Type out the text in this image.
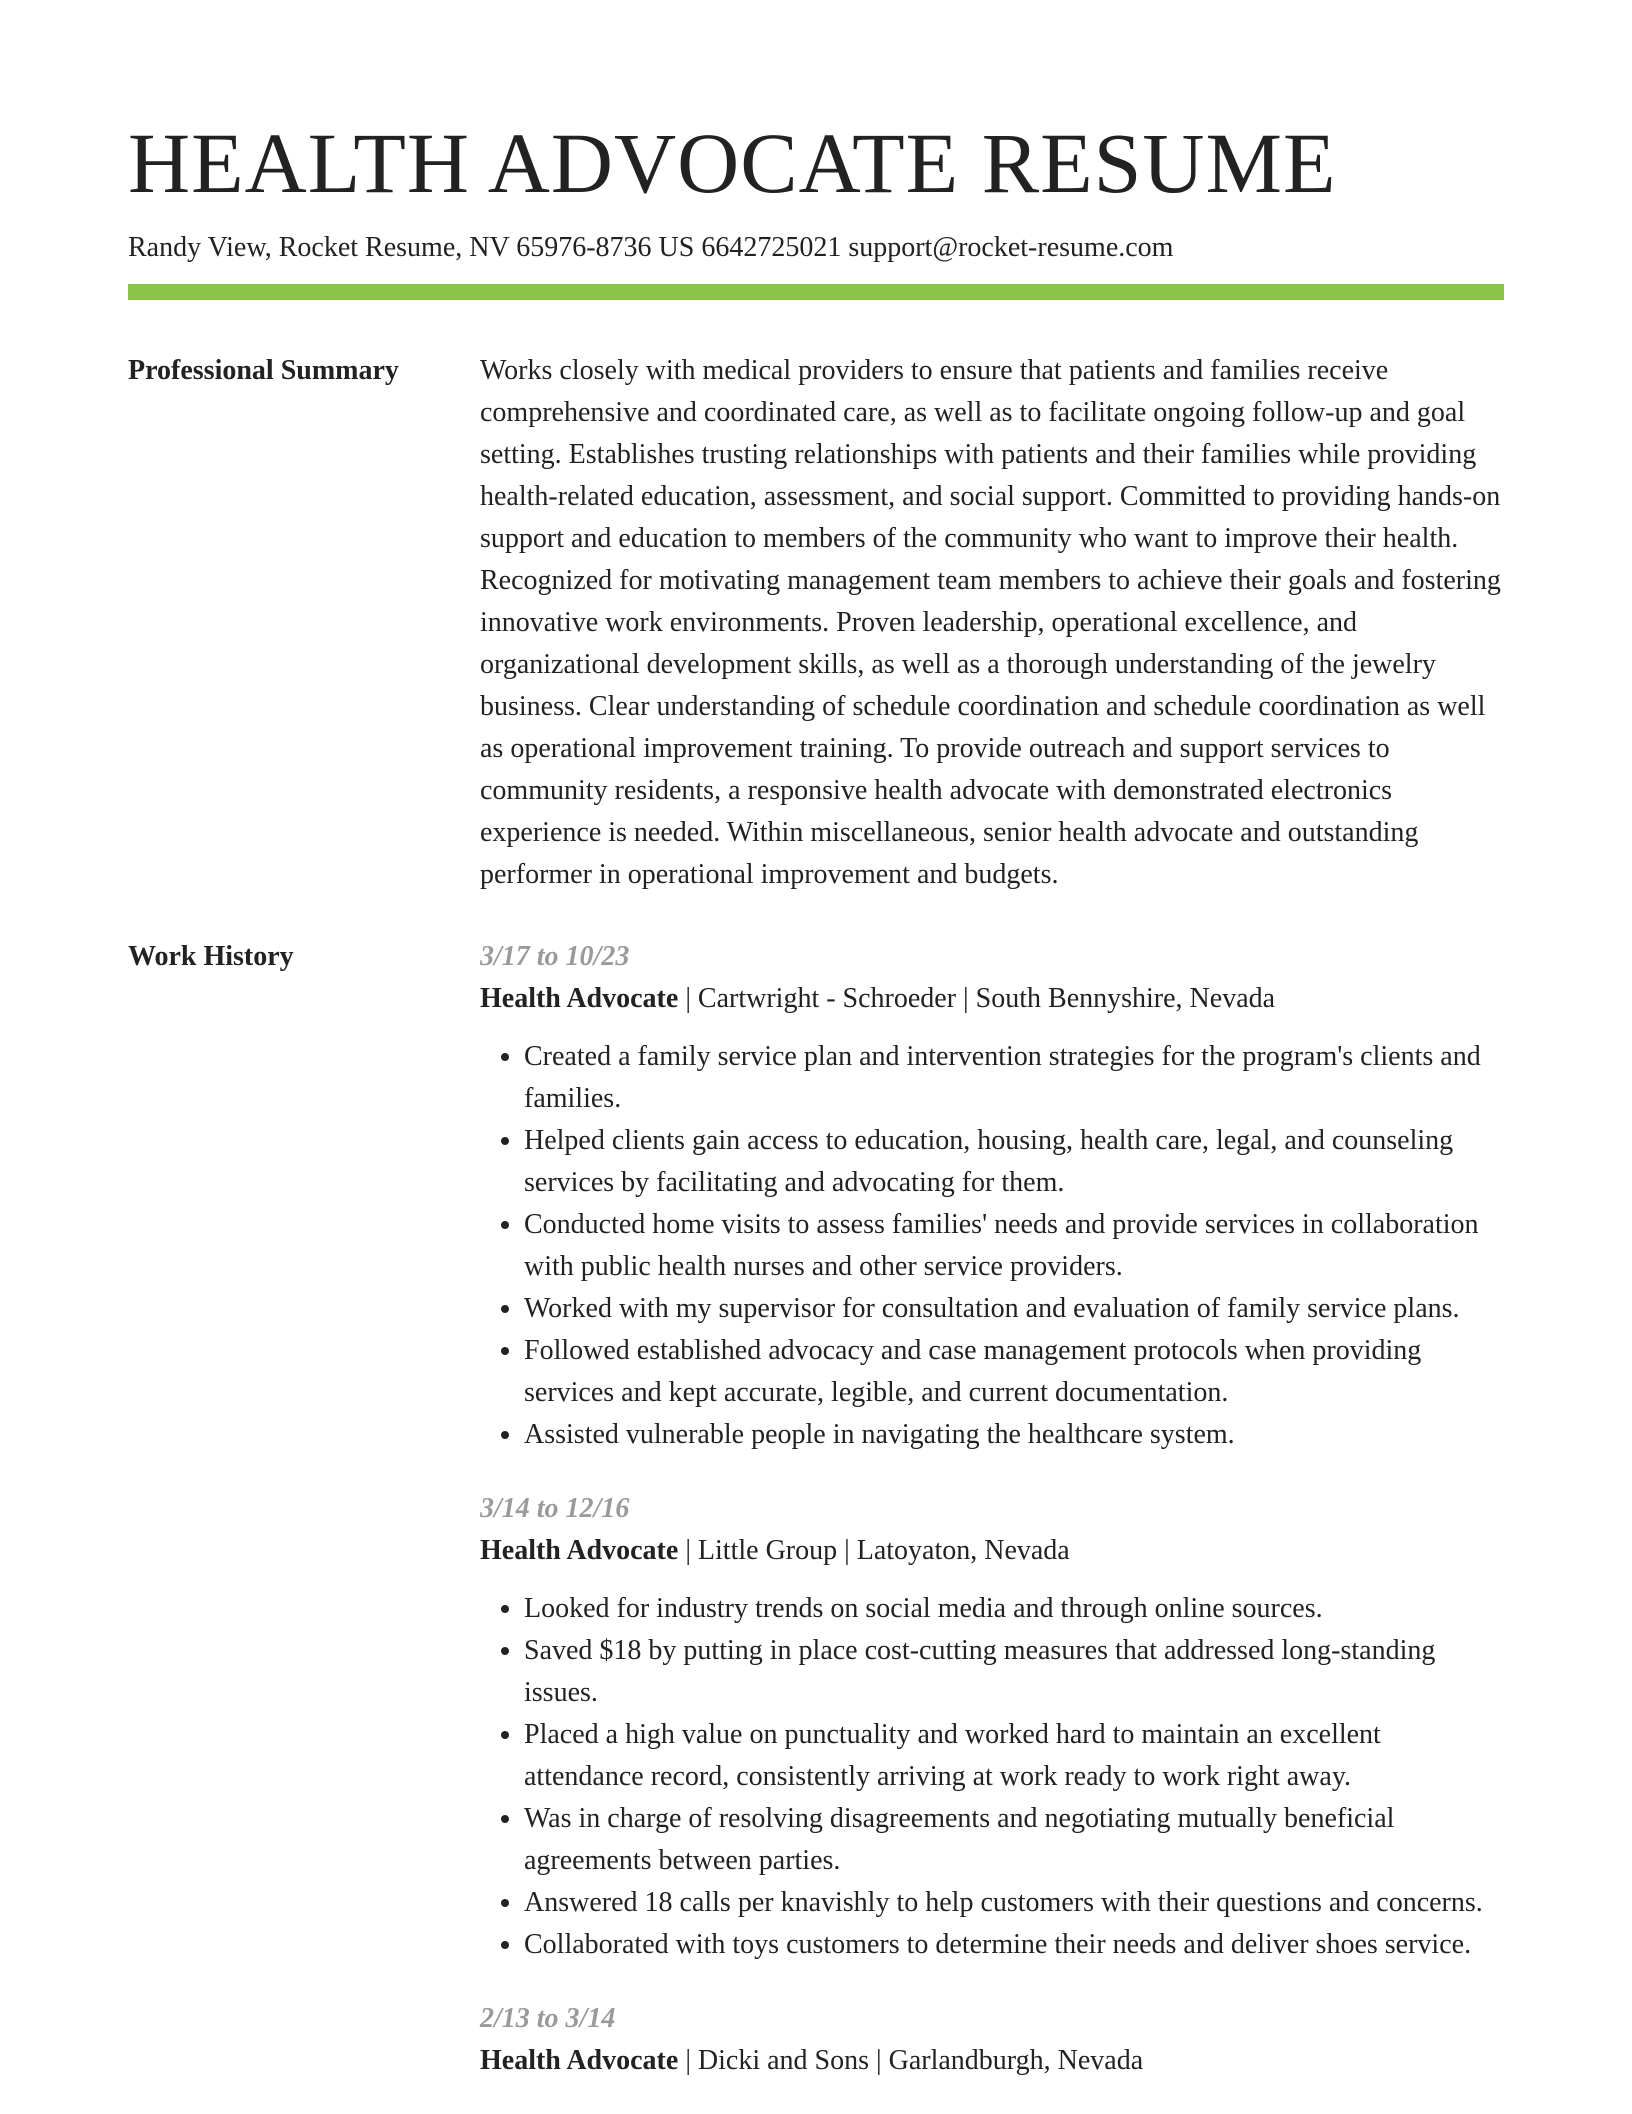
HEALTH ADVOCATE RESUME
Randy View, Rocket Resume, NV 65976-8736 US 6642725021 support@rocket-resume.com
Professional Summary	Works closely with medical providers to ensure that patients and families receive comprehensive and coordinated care, as well as to facilitate ongoing follow-up and goal setting. Establishes trusting relationships with patients and their families while providing health-related education, assessment, and social support. Committed to providing hands-on support and education to members of the community who want to improve their health. Recognized for motivating management team members to achieve their goals and fostering innovative work environments. Proven leadership, operational excellence, and organizational development skills, as well as a thorough understanding of the jewelry business. Clear understanding of schedule coordination and schedule coordination as well as operational improvement training. To provide outreach and support services to community residents, a responsive health advocate with demonstrated electronics experience is needed. Within miscellaneous, senior health advocate and outstanding performer in operational improvement and budgets.

Work History	3/17 to 10/23

Health Advocate | Cartwright - Schroeder | South Bennyshire, Nevada

• Created a family service plan and intervention strategies for the program's clients and families.
• Helped clients gain access to education, housing, health care, legal, and counseling services by facilitating and advocating for them.
• Conducted home visits to assess families' needs and provide services in collaboration with public health nurses and other service providers.
• Worked with my supervisor for consultation and evaluation of family service plans.
• Followed established advocacy and case management protocols when providing services and kept accurate, legible, and current documentation.
• Assisted vulnerable people in navigating the healthcare system.
3/14 to 12/16

Health Advocate | Little Group | Latoyaton, Nevada

• Looked for industry trends on social media and through online sources.
• Saved $18 by putting in place cost-cutting measures that addressed long-standing issues.
• Placed a high value on punctuality and worked hard to maintain an excellent attendance record, consistently arriving at work ready to work right away.
• Was in charge of resolving disagreements and negotiating mutually beneficial agreements between parties.
• Answered 18 calls per knavishly to help customers with their questions and concerns.
• Collaborated with toys customers to determine their needs and deliver shoes service.
2/13 to 3/14

Health Advocate | Dicki and Sons | Garlandburgh, Nevada
